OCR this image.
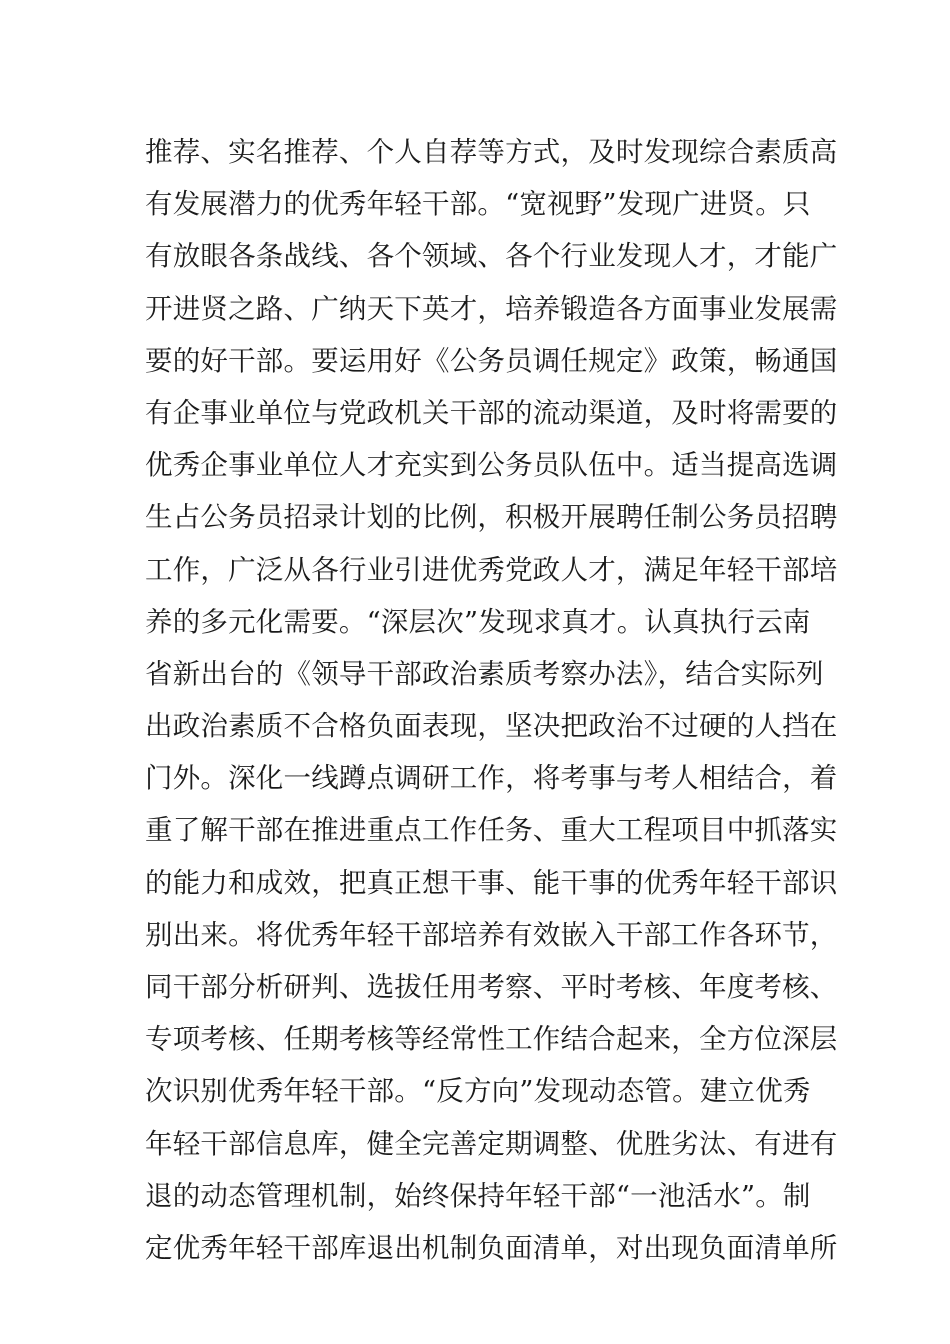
推荐、实名推荐、个人自荐等方式，及时发现综合素质高
有发展潜力的优秀年轻干部。“宽视野”发现广进贤。只
有放眼各条战线、各个领域、各个行业发现人才，才能广
开进贤之路、广纳天下英才，培养锻造各方面事业发展需
要的好干部。要运用好《公务员调任规定》政策，畅通国
有企事业单位与党政机关干部的流动渠道，及时将需要的
优秀企事业单位人才充实到公务员队伍中。适当提高选调
生占公务员招录计划的比例，积极开展聘任制公务员招聘
工作，广泛从各行业引进优秀党政人才，满足年轻干部培
养的多元化需要。“深层次”发现求真才。认真执行云南
省新出台的《领导干部政治素质考察办法》，结合实际列
出政治素质不合格负面表现，坚决把政治不过硬的人挡在
门外。深化一线蹲点调研工作，将考事与考人相结合，着
重了解干部在推进重点工作任务、重大工程项目中抓落实
的能力和成效，把真正想干事、能干事的优秀年轻干部识
别出来。将优秀年轻干部培养有效嵌入干部工作各环节，
同干部分析研判、选拔任用考察、平时考核、年度考核、
专项考核、任期考核等经常性工作结合起来，全方位深层
次识别优秀年轻干部。“反方向”发现动态管。建立优秀
年轻干部信息库，健全完善定期调整、优胜劣汰、有进有
退的动态管理机制，始终保持年轻干部“一池活水”。制
定优秀年轻干部库退出机制负面清单，对出现负面清单所
